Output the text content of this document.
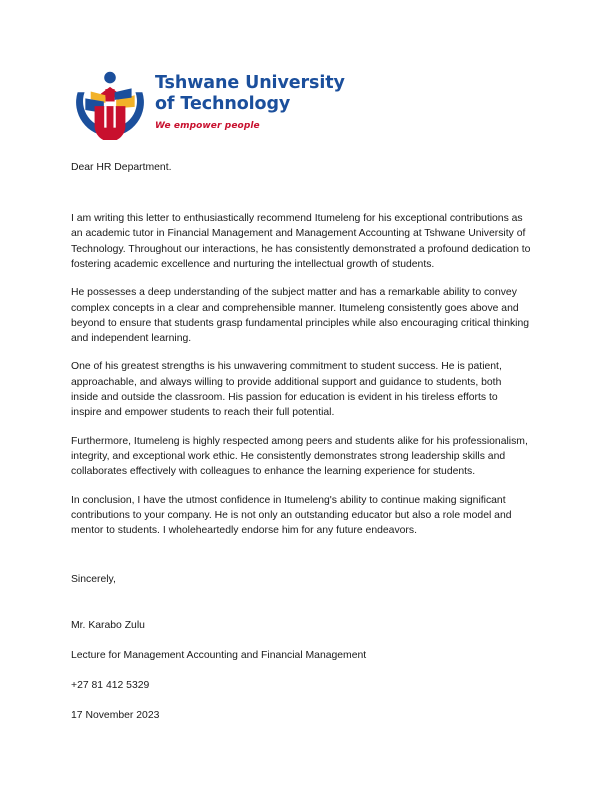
Tshwane University
of Technology
We empower people

Dear HR Department.

I am writing this letter to enthusiastically recommend Itumeleng for his exceptional contributions as an academic tutor in Financial Management and Management Accounting at Tshwane University of Technology. Throughout our interactions, he has consistently demonstrated a profound dedication to fostering academic excellence and nurturing the intellectual growth of students.

He possesses a deep understanding of the subject matter and has a remarkable ability to convey complex concepts in a clear and comprehensible manner. Itumeleng consistently goes above and beyond to ensure that students grasp fundamental principles while also encouraging critical thinking and independent learning.

One of his greatest strengths is his unwavering commitment to student success. He is patient, approachable, and always willing to provide additional support and guidance to students, both inside and outside the classroom. His passion for education is evident in his tireless efforts to inspire and empower students to reach their full potential.

Furthermore, Itumeleng is highly respected among peers and students alike for his professionalism, integrity, and exceptional work ethic. He consistently demonstrates strong leadership skills and collaborates effectively with colleagues to enhance the learning experience for students.

In conclusion, I have the utmost confidence in Itumeleng's ability to continue making significant contributions to your company. He is not only an outstanding educator but also a role model and mentor to students. I wholeheartedly endorse him for any future endeavors.

Sincerely,

Mr. Karabo Zulu

Lecture for Management Accounting and Financial Management

+27 81 412 5329

17 November 2023
